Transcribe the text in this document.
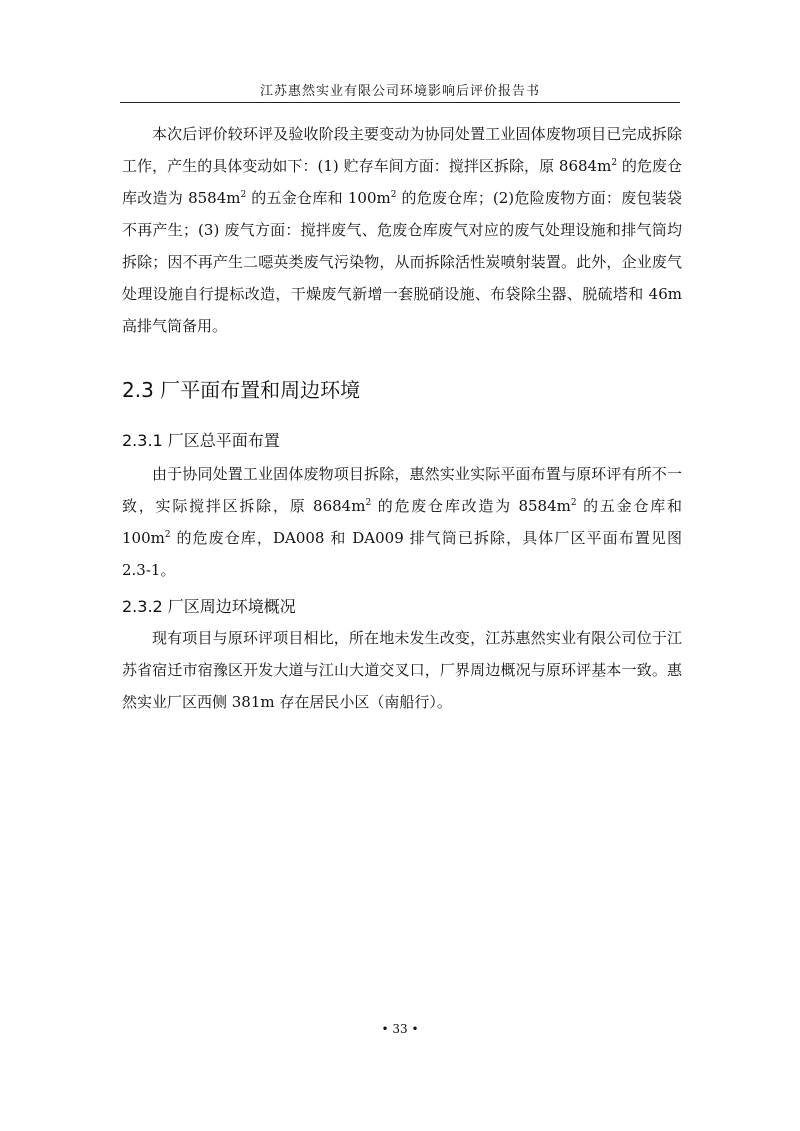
江苏惠然实业有限公司环境影响后评价报告书

本次后评价较环评及验收阶段主要变动为协同处置工业固体废物项目已完成拆除工作，产生的具体变动如下：(1) 贮存车间方面：搅拌区拆除，原 $8684m^2$ 的危废仓库改造为 $8584m^2$ 的五金仓库和 $100m^2$ 的危废仓库；(2)危险废物方面：废包装袋不再产生；(3) 废气方面：搅拌废气、危废仓库废气对应的废气处理设施和排气筒均拆除；因不再产生二噁英类废气污染物，从而拆除活性炭喷射装置。此外，企业废气处理设施自行提标改造，干燥废气新增一套脱硝设施、布袋除尘器、脱硫塔和 46m 高排气筒备用。

2.3 厂平面布置和周边环境
2.3.1 厂区总平面布置

由于协同处置工业固体废物项目拆除，惠然实业实际平面布置与原环评有所不一致，实际搅拌区拆除，原 $8684m^2$ 的危废仓库改造为 $8584m^2$ 的五金仓库和 $100m^2$ 的危废仓库，DA008 和 DA009 排气筒已拆除，具体厂区平面布置见图 2.3-1。

2.3.2 厂区周边环境概况

现有项目与原环评项目相比，所在地未发生改变，江苏惠然实业有限公司位于江苏省宿迁市宿豫区开发大道与江山大道交叉口，厂界周边概况与原环评基本一致。惠然实业厂区西侧 381m 存在居民小区（南船行）。

• 33 •
